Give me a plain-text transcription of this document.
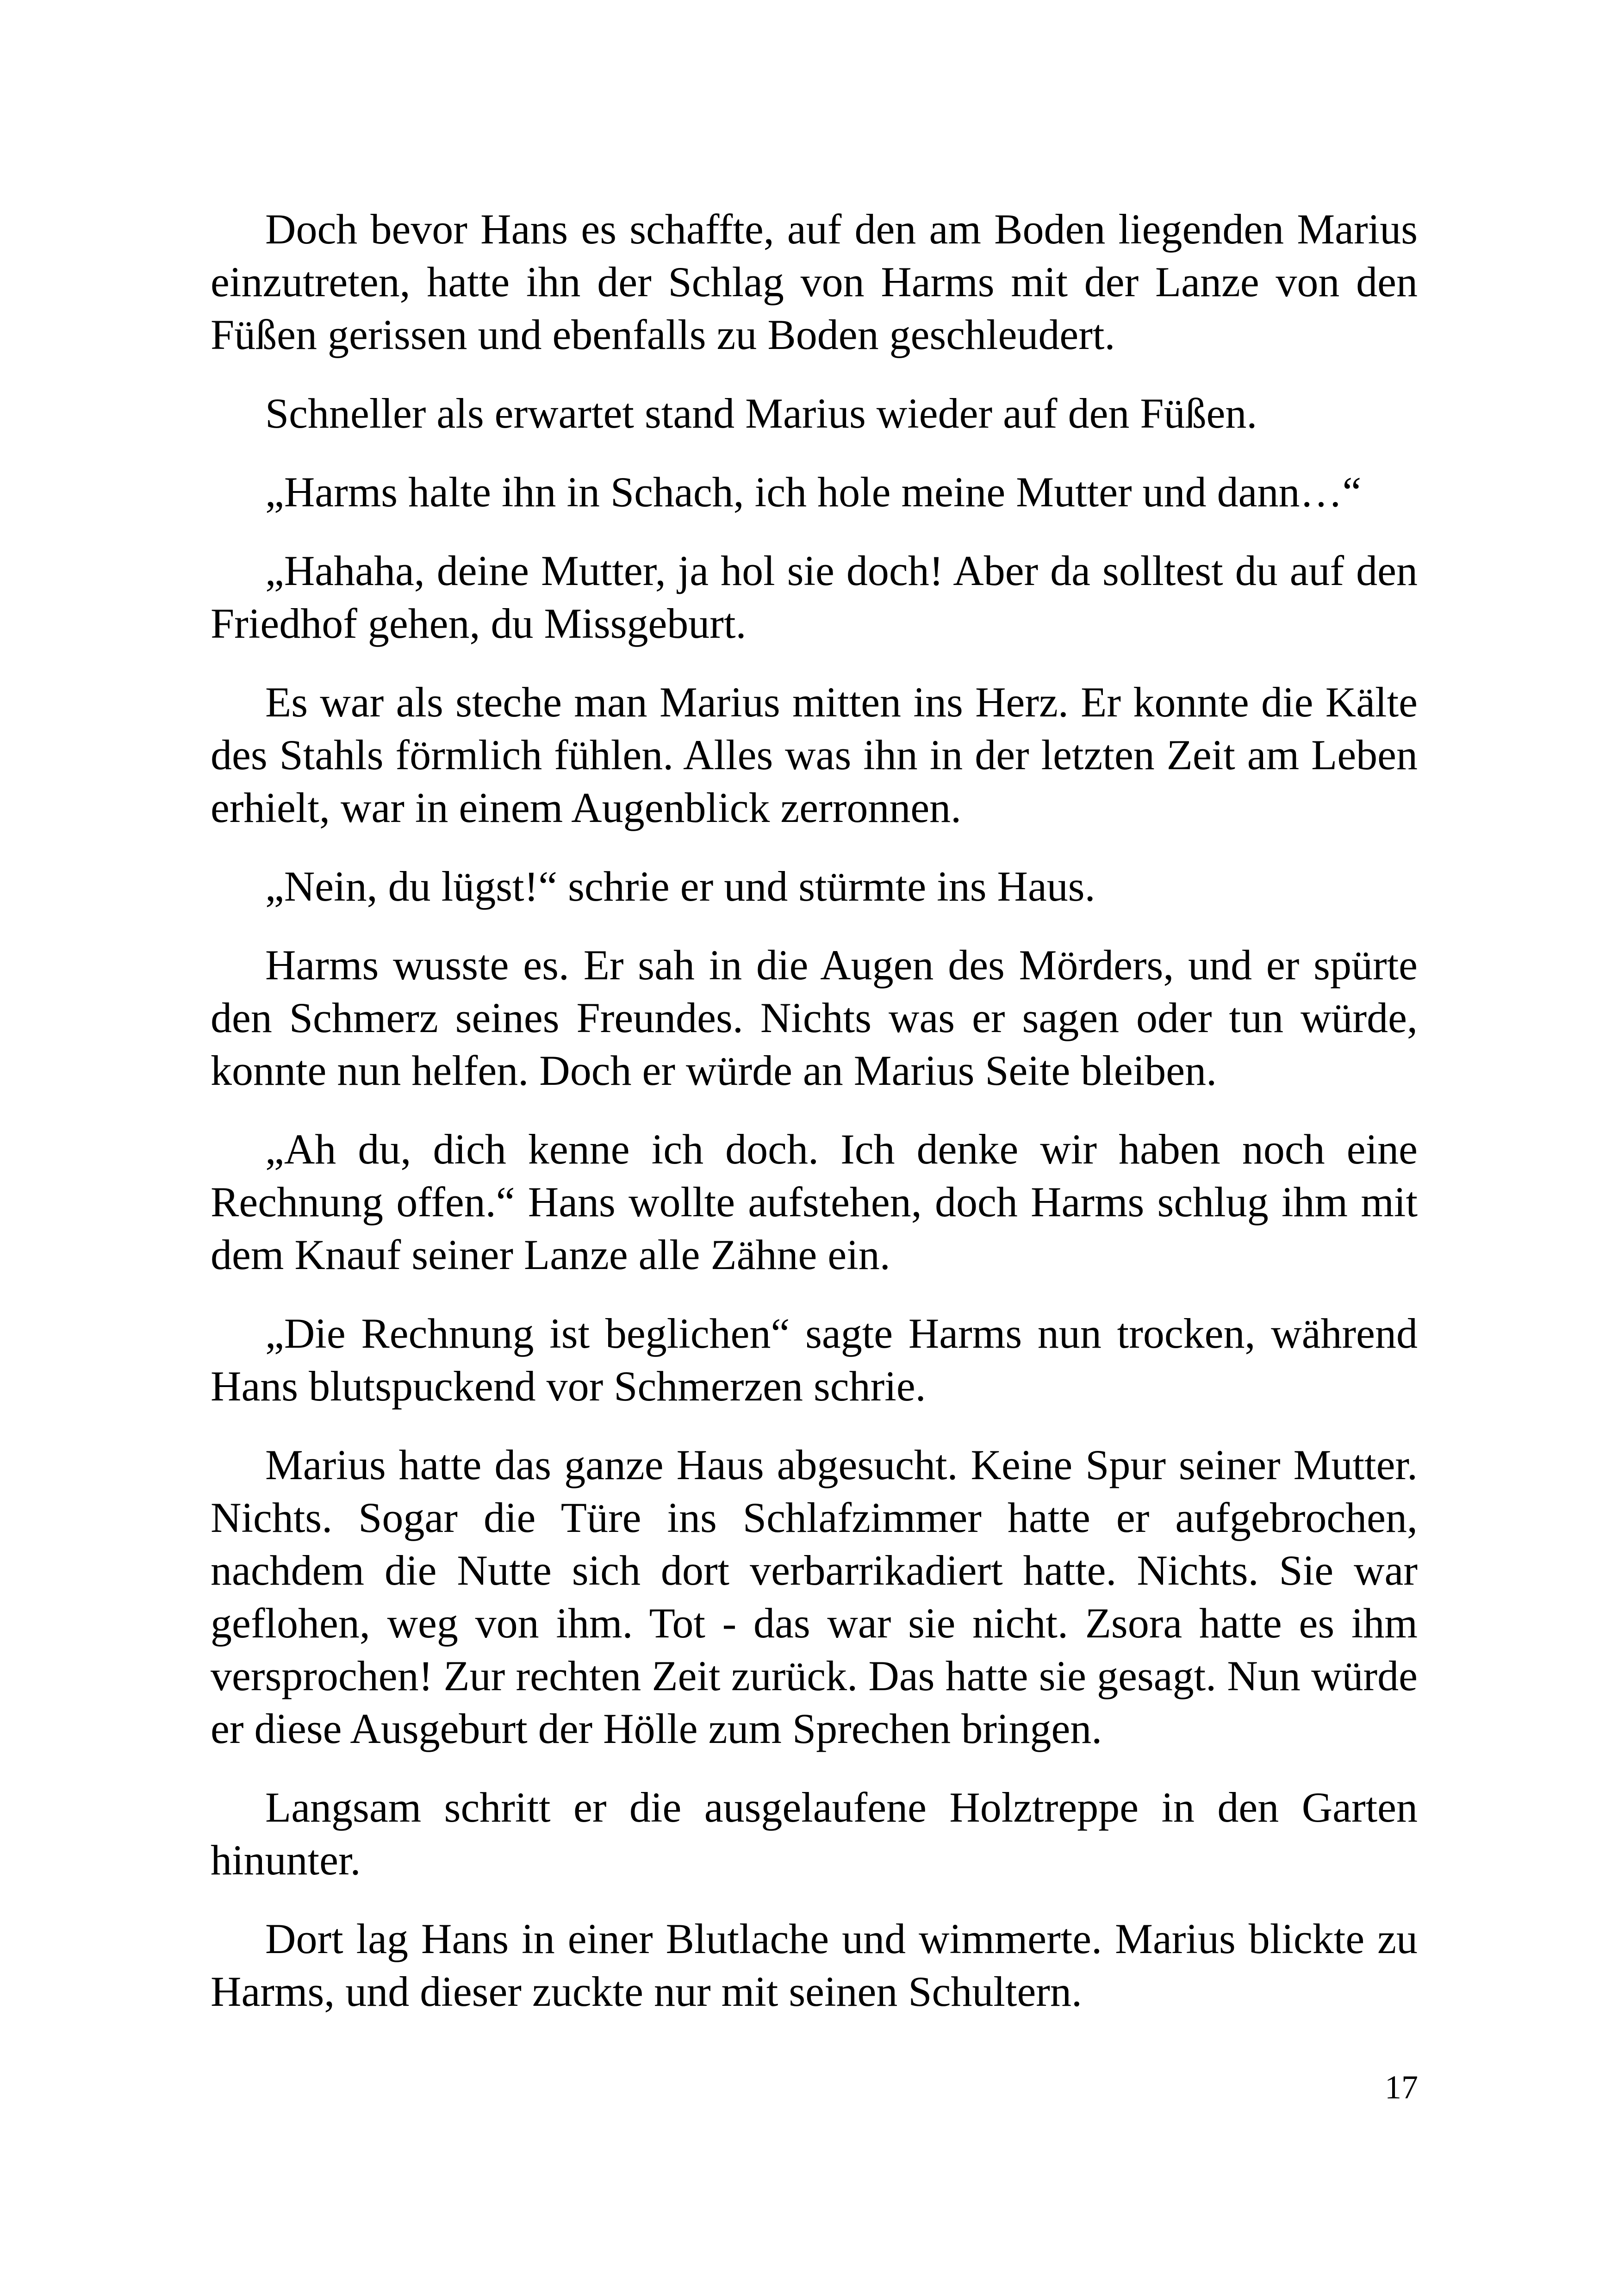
Doch bevor Hans es schaffte, auf den am Boden liegenden Marius einzutreten, hatte ihn der Schlag von Harms mit der Lanze von den Füßen gerissen und ebenfalls zu Boden geschleudert.

Schneller als erwartet stand Marius wieder auf den Füßen.

„Harms halte ihn in Schach, ich hole meine Mutter und dann…“

„Hahaha, deine Mutter, ja hol sie doch! Aber da solltest du auf den Friedhof gehen, du Missgeburt.

Es war als steche man Marius mitten ins Herz. Er konnte die Kälte des Stahls förmlich fühlen. Alles was ihn in der letzten Zeit am Leben erhielt, war in einem Augenblick zerronnen.

„Nein, du lügst!“ schrie er und stürmte ins Haus.

Harms wusste es. Er sah in die Augen des Mörders, und er spürte den Schmerz seines Freundes. Nichts was er sagen oder tun würde, konnte nun helfen. Doch er würde an Marius Seite bleiben.

„Ah du, dich kenne ich doch. Ich denke wir haben noch eine Rechnung offen.“ Hans wollte aufstehen, doch Harms schlug ihm mit dem Knauf seiner Lanze alle Zähne ein.

„Die Rechnung ist beglichen“ sagte Harms nun trocken, während Hans blutspuckend vor Schmerzen schrie.

Marius hatte das ganze Haus abgesucht. Keine Spur seiner Mutter. Nichts. Sogar die Türe ins Schlafzimmer hatte er aufgebrochen, nachdem die Nutte sich dort verbarrikadiert hatte. Nichts. Sie war geflohen, weg von ihm. Tot - das war sie nicht. Zsora hatte es ihm versprochen! Zur rechten Zeit zurück. Das hatte sie gesagt. Nun würde er diese Ausgeburt der Hölle zum Sprechen bringen.

Langsam schritt er die ausgelaufene Holztreppe in den Garten hinunter.

Dort lag Hans in einer Blutlache und wimmerte. Marius blickte zu Harms, und dieser zuckte nur mit seinen Schultern.

17
